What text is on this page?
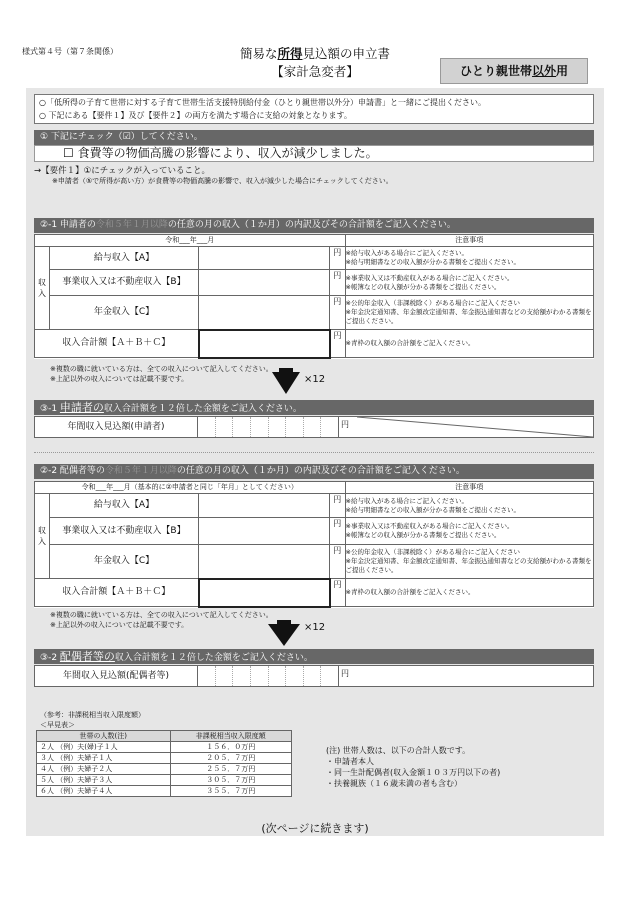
様式第４号（第７条関係）	簡易な所得見込額の申立書
【家計急変者】	ひとり親世帯以外用
○「低所得の子育て世帯に対する子育て世帯生活支援特別給付金（ひとり親世帯以外分）申請書」と一緒にご提出ください。
○ 下記にある【要件１】及び【要件２】の両方を満たす場合に支給の対象となります。
① 下記にチェック（☑）してください。
☐ 食費等の物価高騰の影響により、収入が減少しました。
→【要件１】①にチェックが入っていること。
※申請者（⑤で所得が高い方）が食費等の物価高騰の影響で、収入が減少した場合にチェックしてください。
②-1 申請者の令和５年１月以降の任意の月の収入（１か月）の内訳及びその合計額をご記入ください。
令和___年___月				注意事項
収入	給与収入【A】		円	※給与収入がある場合にご記入ください。
※給与明細書などの収入額が分かる書類をご提出ください。

	事業収入又は不動産収入【B】		円	※事業収入又は不動産収入がある場合にご記入ください。
※帳簿などの収入額が分かる書類をご提出ください。

	年金収入【C】		円	※公的年金収入（非課税除く）がある場合にご記入ください
※年金決定通知書、年金額改定通知書、年金振込通知書などの支給額がわかる書類をご提出ください。

収入合計額【Ａ＋Ｂ＋Ｃ】			円	※青枠の収入額の合計額をご記入ください。
※複数の職に就いている方は、全ての収入について記入してください。
※上記以外の収入については記載不要です。	×12
③-1 申請者の収入合計額を１２倍した金額をご記入ください。
年間収入見込額(申請者)	円
②-2 配偶者等の令和５年１月以降の任意の月の収入（１か月）の内訳及びその合計額をご記入ください。
令和___年___月（基本的に②申請者と同じ「年月」としてください）				注意事項
収入	給与収入【A】		円	※給与収入がある場合にご記入ください。
※給与明細書などの収入額が分かる書類をご提出ください。

	事業収入又は不動産収入【B】		円	※事業収入又は不動産収入がある場合にご記入ください。
※帳簿などの収入額が分かる書類をご提出ください。

	年金収入【C】		円	※公的年金収入（非課税除く）がある場合にご記入ください
※年金決定通知書、年金額改定通知書、年金振込通知書などの支給額がわかる書類をご提出ください。

収入合計額【Ａ＋Ｂ＋Ｃ】			円	※青枠の収入額の合計額をご記入ください。
※複数の職に就いている方は、全ての収入について記入してください。
※上記以外の収入については記載不要です。	×12
③-2 配偶者等の収入合計額を１２倍した金額をご記入ください。
年間収入見込額(配偶者等)	円
（参考：非課税相当収入限度額）
＜早見表＞
世帯の人数(注)	非課税相当収入限度額
２人 （例）夫(婦)子１人	１５６．０万円
３人 （例）夫婦子１人	２０５．７万円
４人 （例）夫婦子２人	２５５．７万円
５人 （例）夫婦子３人	３０５．７万円
６人 （例）夫婦子４人	３５５．７万円
(注) 世帯人数は、以下の合計人数です。
・申請者本人
・同一生計配偶者(収入金額１０３万円以下の者)
・扶養親族（１６歳未満の者も含む）
(次ページに続きます)
